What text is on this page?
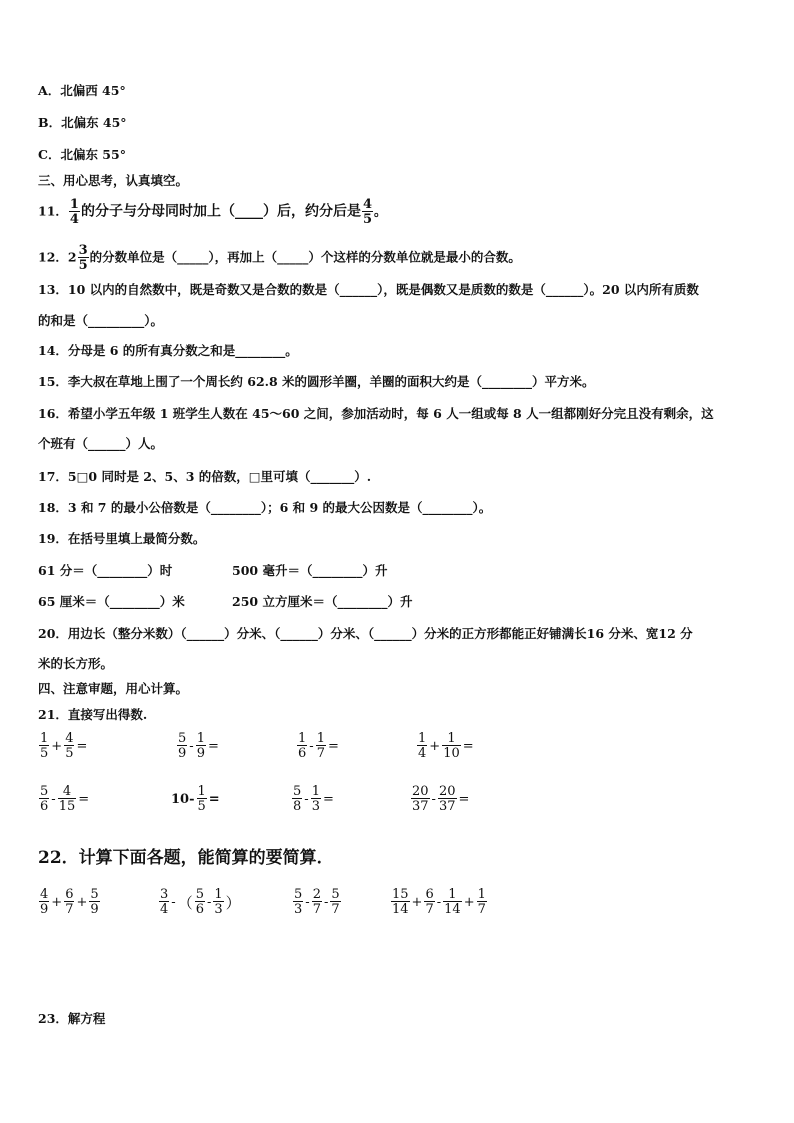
A．北偏西 45°
B．北偏东 45°
C．北偏东 55°
三、用心思考，认真填空。
11． $\frac{1}{4}$ 的分子与分母同时加上（____）后，约分后是 $\frac{4}{5}$ 。
12．$2 \frac{3}{5}$ 的分数单位是（_____），再加上（_____）个这样的分数单位就是最小的合数。
13．10 以内的自然数中，既是奇数又是合数的数是（______），既是偶数又是质数的数是（______）。20 以内所有质数
的和是（_________）。
14．分母是 6 的所有真分数之和是________。
15．李大叔在草地上围了一个周长约 62.8 米的圆形羊圈，羊圈的面积大约是（________）平方米。
16．希望小学五年级 1 班学生人数在 45～60 之间，参加活动时，每 6 人一组或每 8 人一组都刚好分完且没有剩余，这
个班有（______）人。
17．5□0 同时是 2、5、3 的倍数，□里可填（_______）.
18．3 和 7 的最小公倍数是（________）；6 和 9 的最大公因数是（________）。
19．在括号里填上最简分数。
61 分＝（________）时	500 毫升＝（________）升
65 厘米＝（________）米	250 立方厘米＝（________）升
20．用边长（整分米数）（______）分米、（______）分米、（______）分米的正方形都能正好铺满长16 分米、宽12 分
米的长方形。
四、注意审题，用心计算。
21．直接写出得数.
$\frac{1}{5} + \frac{4}{5}$ =	$\frac{5}{9} - \frac{1}{9}$ =	$\frac{1}{6} - \frac{1}{7}$ =	$\frac{1}{4} + \frac{1}{10}$ =
$\frac{5}{6} - \frac{4}{15}$ =	$10- \frac{1}{5}$ =	$\frac{5}{8} - \frac{1}{3}$ =	$\frac{20}{37} - \frac{20}{37}$ =
22．计算下面各题，能简算的要简算．
$\frac{4}{9} + \frac{6}{7} + \frac{5}{9}$	$\frac{3}{4}$ - （ $\frac{5}{6} - \frac{1}{3}$ ）	$\frac{5}{3} - \frac{2}{7} - \frac{5}{7}$	$\frac{15}{14} + \frac{6}{7} - \frac{1}{14} + \frac{1}{7}$
23．解方程
